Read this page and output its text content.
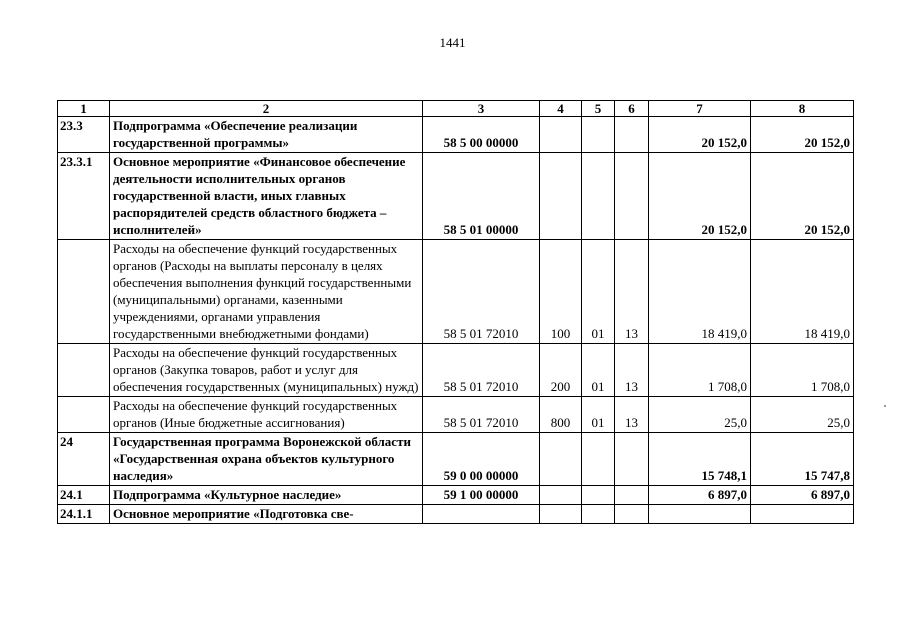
1441
1	2	3	4	5	6	7	8
23.3	Подпрограмма «Обеспечение реализации государственной программы»	58 5 00 00000				20 152,0	20 152,0
23.3.1	Основное мероприятие «Финансовое обеспечение деятельности исполнительных органов государственной власти, иных главных распорядителей средств областного бюджета – исполнителей»	58 5 01 00000				20 152,0	20 152,0
	Расходы на обеспечение функций государственных органов (Расходы на выплаты персоналу в целях обеспечения выполнения функций государственными (муниципальными) органами, казенными учреждениями, органами управления государственными внебюджетными фондами)	58 5 01 72010	100	01	13	18 419,0	18 419,0
	Расходы на обеспечение функций государственных органов (Закупка товаров, работ и услуг для обеспечения государственных (муниципальных) нужд)	58 5 01 72010	200	01	13	1 708,0	1 708,0
	Расходы на обеспечение функций государственных органов (Иные бюджетные ассигнования)	58 5 01 72010	800	01	13	25,0	25,0
24	Государственная программа Воронежской области «Государственная охрана объектов культурного наследия»	59 0 00 00000				15 748,1	15 747,8
24.1	Подпрограмма «Культурное наследие»	59 1 00 00000				6 897,0	6 897,0
24.1.1	Основное мероприятие «Подготовка све-						
